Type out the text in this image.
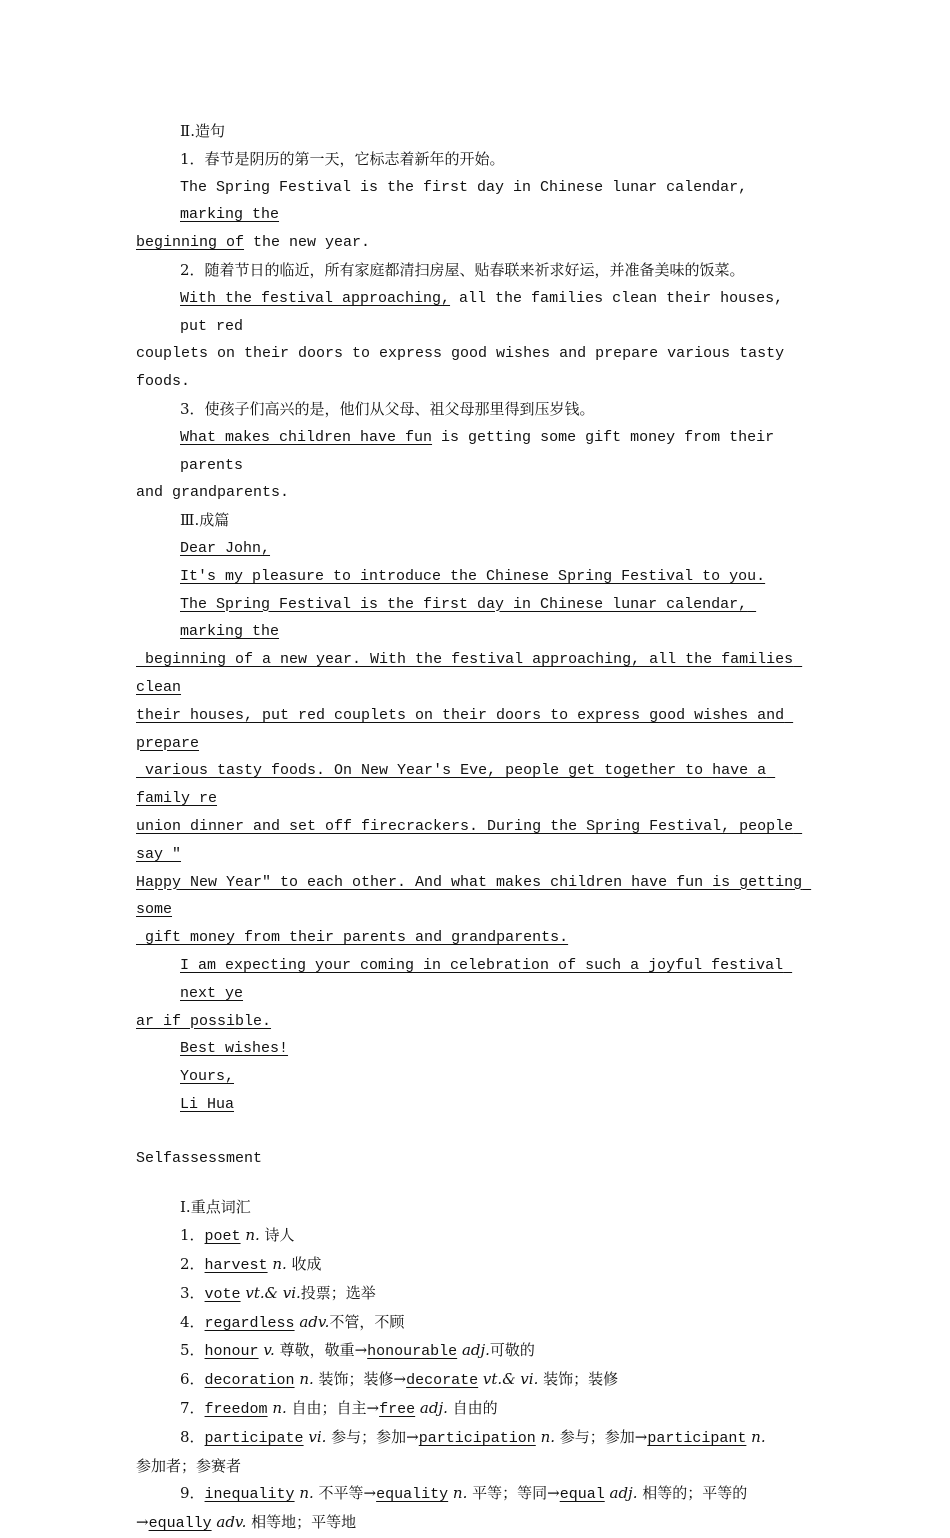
Ⅱ.造句

1．春节是阴历的第一天，它标志着新年的开始。

The Spring Festival is the first day in Chinese lunar calendar, marking the

beginning of the new year.

2．随着节日的临近，所有家庭都清扫房屋、贴春联来祈求好运，并准备美味的饭菜。

With the festival approaching, all the families clean their houses, put red

couplets on their doors to express good wishes and prepare various tasty foods.

3．使孩子们高兴的是，他们从父母、祖父母那里得到压岁钱。

What makes children have fun is getting some gift money from their parents

and grandparents.

Ⅲ.成篇

Dear John,

It's my pleasure to introduce the Chinese Spring Festival to you.

The Spring Festival is the first day in Chinese lunar calendar, marking the

beginning of a new year. With the festival approaching, all the families clean

their houses, put red couplets on their doors to express good wishes and prepare

various tasty foods. On New Year's Eve, people get together to have a family re

union dinner and set off firecrackers. During the Spring Festival, people say "

Happy New Year" to each other. And what makes children have fun is getting some

gift money from their parents and grandparents.

I am expecting your coming in celebration of such a joyful festival next ye

ar if possible.

Best wishes!

Yours,

Li Hua

Selfassessment

Ⅰ.重点词汇

1．poet n. 诗人

2．harvest n. 收成

3．vote vt.& vi.投票；选举

4．regardless adv.不管，不顾

5．honour v. 尊敬，敬重→honourable adj.可敬的

6．decoration n. 装饰；装修→decorate vt.& vi. 装饰；装修

7．freedom n. 自由；自主→free adj. 自由的

8．participate vi. 参与；参加→participation n. 参与；参加→participant n.

参加者；参赛者

9．inequality n. 不平等→equality n. 平等；等同→equal adj. 相等的；平等的

→equally adv. 相等地；平等地
